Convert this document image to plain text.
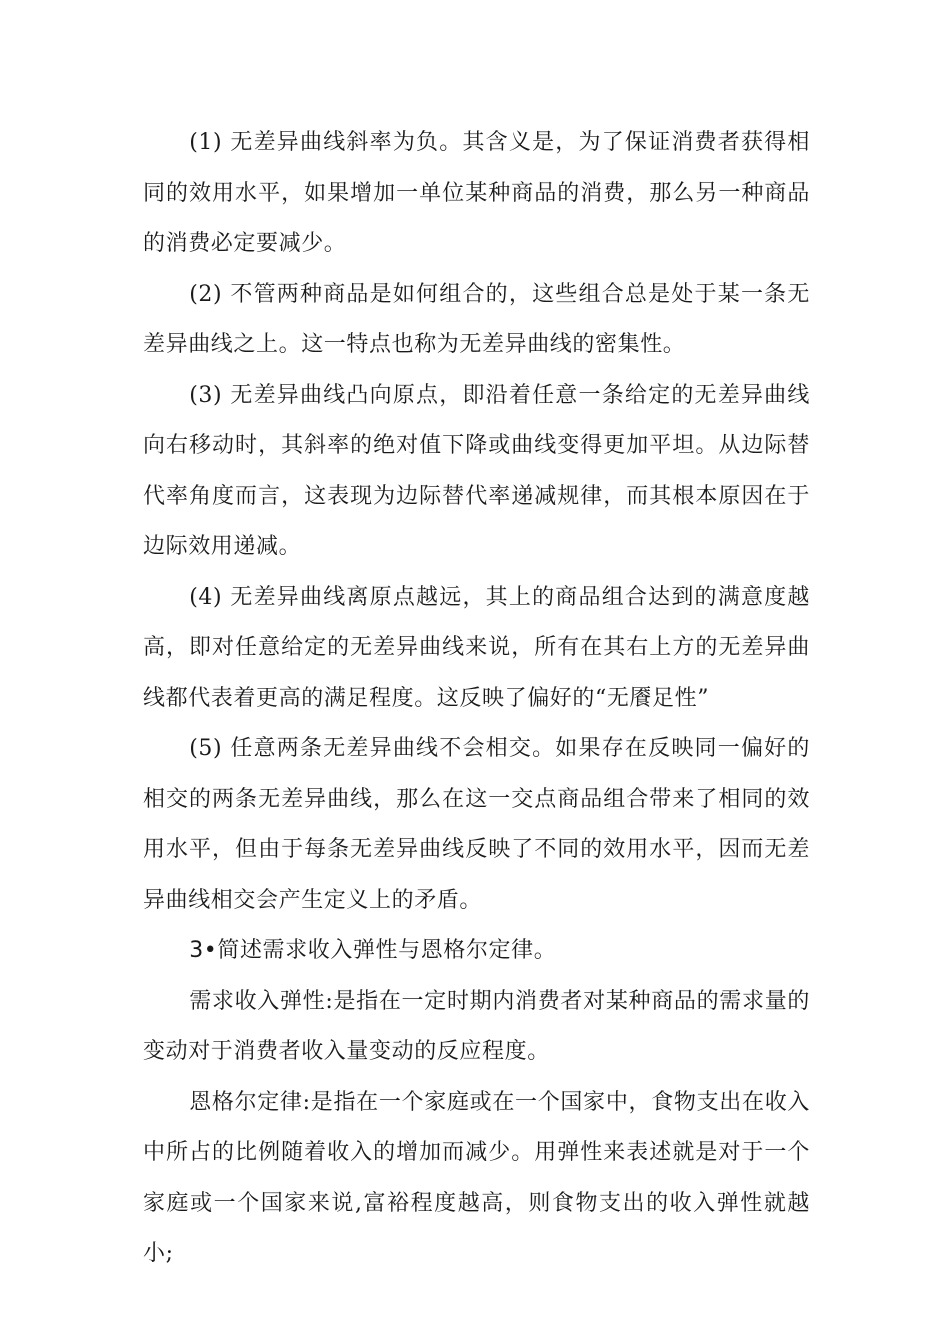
(1) 无差异曲线斜率为负。其含义是，为了保证消费者获得相同的效用水平，如果增加一单位某种商品的消费，那么另一种商品的消费必定要减少。

(2) 不管两种商品是如何组合的，这些组合总是处于某一条无差异曲线之上。这一特点也称为无差异曲线的密集性。

(3) 无差异曲线凸向原点，即沿着任意一条给定的无差异曲线向右移动时，其斜率的绝对值下降或曲线变得更加平坦。从边际替代率角度而言，这表现为边际替代率递减规律，而其根本原因在于边际效用递减。

(4) 无差异曲线离原点越远，其上的商品组合达到的满意度越高，即对任意给定的无差异曲线来说，所有在其右上方的无差异曲线都代表着更高的满足程度。这反映了偏好的“无餍足性”

(5) 任意两条无差异曲线不会相交。如果存在反映同一偏好的相交的两条无差异曲线，那么在这一交点商品组合带来了相同的效用水平，但由于每条无差异曲线反映了不同的效用水平，因而无差异曲线相交会产生定义上的矛盾。

3•简述需求收入弹性与恩格尔定律。

需求收入弹性:是指在一定时期内消费者对某种商品的需求量的变动对于消费者收入量变动的反应程度。

恩格尔定律:是指在一个家庭或在一个国家中，食物支出在收入中所占的比例随着收入的增加而减少。用弹性来表述就是对于一个家庭或一个国家来说,富裕程度越高，则食物支出的收入弹性就越小;
